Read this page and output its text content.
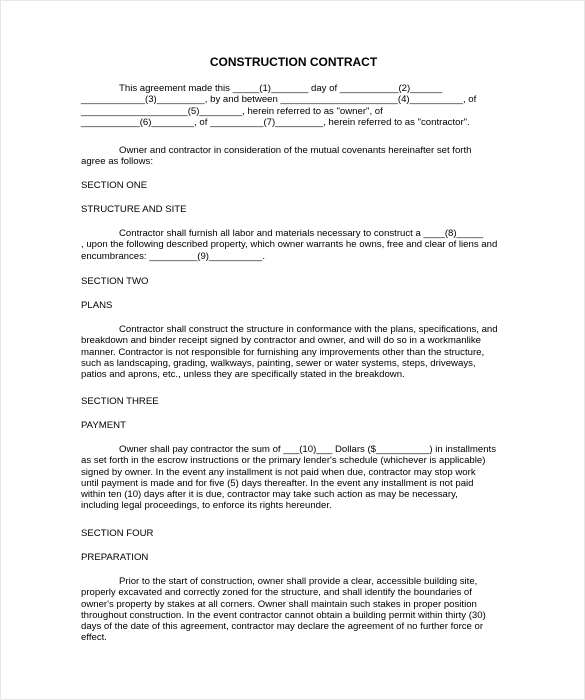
CONSTRUCTION CONTRACT
This agreement made this _____(1)_______ day of ___________(2)______
____________(3)_________, by and between ______________________(4)__________, of
____________________(5)________, herein referred to as "owner", of
___________(6)________, of __________(7)_________, herein referred to as "contractor".
Owner and contractor in consideration of the mutual covenants hereinafter set forth
agree as follows:
SECTION ONE
STRUCTURE AND SITE
Contractor shall furnish all labor and materials necessary to construct a ____(8)_____
, upon the following described property, which owner warrants he owns, free and clear of liens and
encumbrances: _________(9)__________.
SECTION TWO
PLANS
Contractor shall construct the structure in conformance with the plans, specifications, and
breakdown and binder receipt signed by contractor and owner, and will do so in a workmanlike
manner. Contractor is not responsible for furnishing any improvements other than the structure,
such as landscaping, grading, walkways, painting, sewer or water systems, steps, driveways,
patios and aprons, etc., unless they are specifically stated in the breakdown.
SECTION THREE
PAYMENT
Owner shall pay contractor the sum of ___(10)___ Dollars ($__________) in installments
as set forth in the escrow instructions or the primary lender's schedule (whichever is applicable)
signed by owner. In the event any installment is not paid when due, contractor may stop work
until payment is made and for five (5) days thereafter. In the event any installment is not paid
within ten (10) days after it is due, contractor may take such action as may be necessary,
including legal proceedings, to enforce its rights hereunder.
SECTION FOUR
PREPARATION
Prior to the start of construction, owner shall provide a clear, accessible building site,
properly excavated and correctly zoned for the structure, and shall identify the boundaries of
owner's property by stakes at all corners. Owner shall maintain such stakes in proper position
throughout construction. In the event contractor cannot obtain a building permit within thirty (30)
days of the date of this agreement, contractor may declare the agreement of no further force or
effect.
